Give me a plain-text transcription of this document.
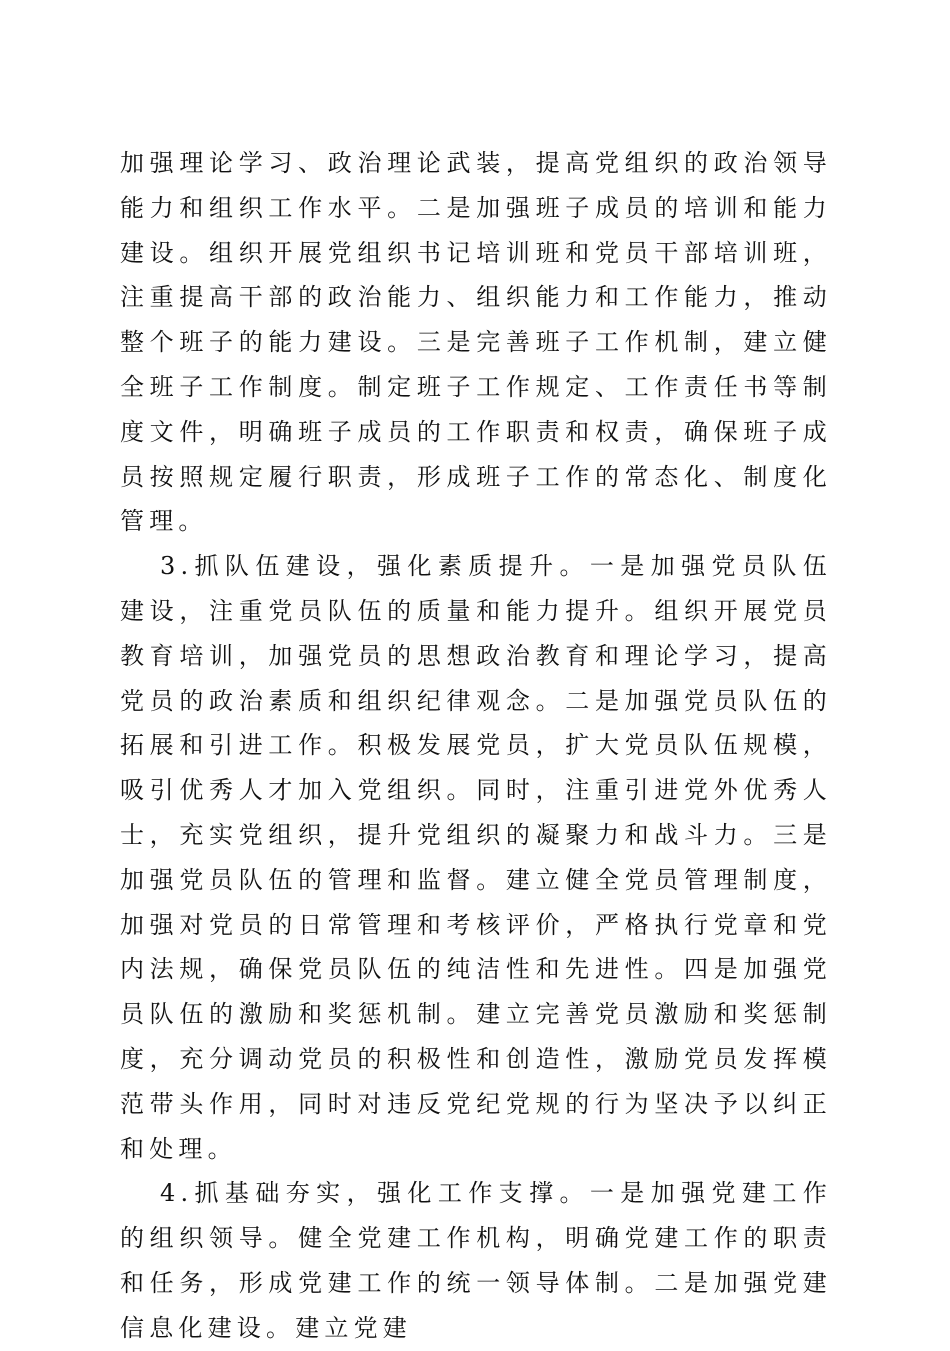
加强理论学习、政治理论武装，提高党组织的政治领导能力和组织工作水平。二是加强班子成员的培训和能力建设。组织开展党组织书记培训班和党员干部培训班，注重提高干部的政治能力、组织能力和工作能力，推动整个班子的能力建设。三是完善班子工作机制，建立健全班子工作制度。制定班子工作规定、工作责任书等制度文件，明确班子成员的工作职责和权责，确保班子成员按照规定履行职责，形成班子工作的常态化、制度化管理。

3.抓队伍建设，强化素质提升。一是加强党员队伍建设，注重党员队伍的质量和能力提升。组织开展党员教育培训，加强党员的思想政治教育和理论学习，提高党员的政治素质和组织纪律观念。二是加强党员队伍的拓展和引进工作。积极发展党员，扩大党员队伍规模，吸引优秀人才加入党组织。同时，注重引进党外优秀人士，充实党组织，提升党组织的凝聚力和战斗力。三是加强党员队伍的管理和监督。建立健全党员管理制度，加强对党员的日常管理和考核评价，严格执行党章和党内法规，确保党员队伍的纯洁性和先进性。四是加强党员队伍的激励和奖惩机制。建立完善党员激励和奖惩制度，充分调动党员的积极性和创造性，激励党员发挥模范带头作用，同时对违反党纪党规的行为坚决予以纠正和处理。

4.抓基础夯实，强化工作支撑。一是加强党建工作的组织领导。健全党建工作机构，明确党建工作的职责和任务，形成党建工作的统一领导体制。二是加强党建信息化建设。建立党建
